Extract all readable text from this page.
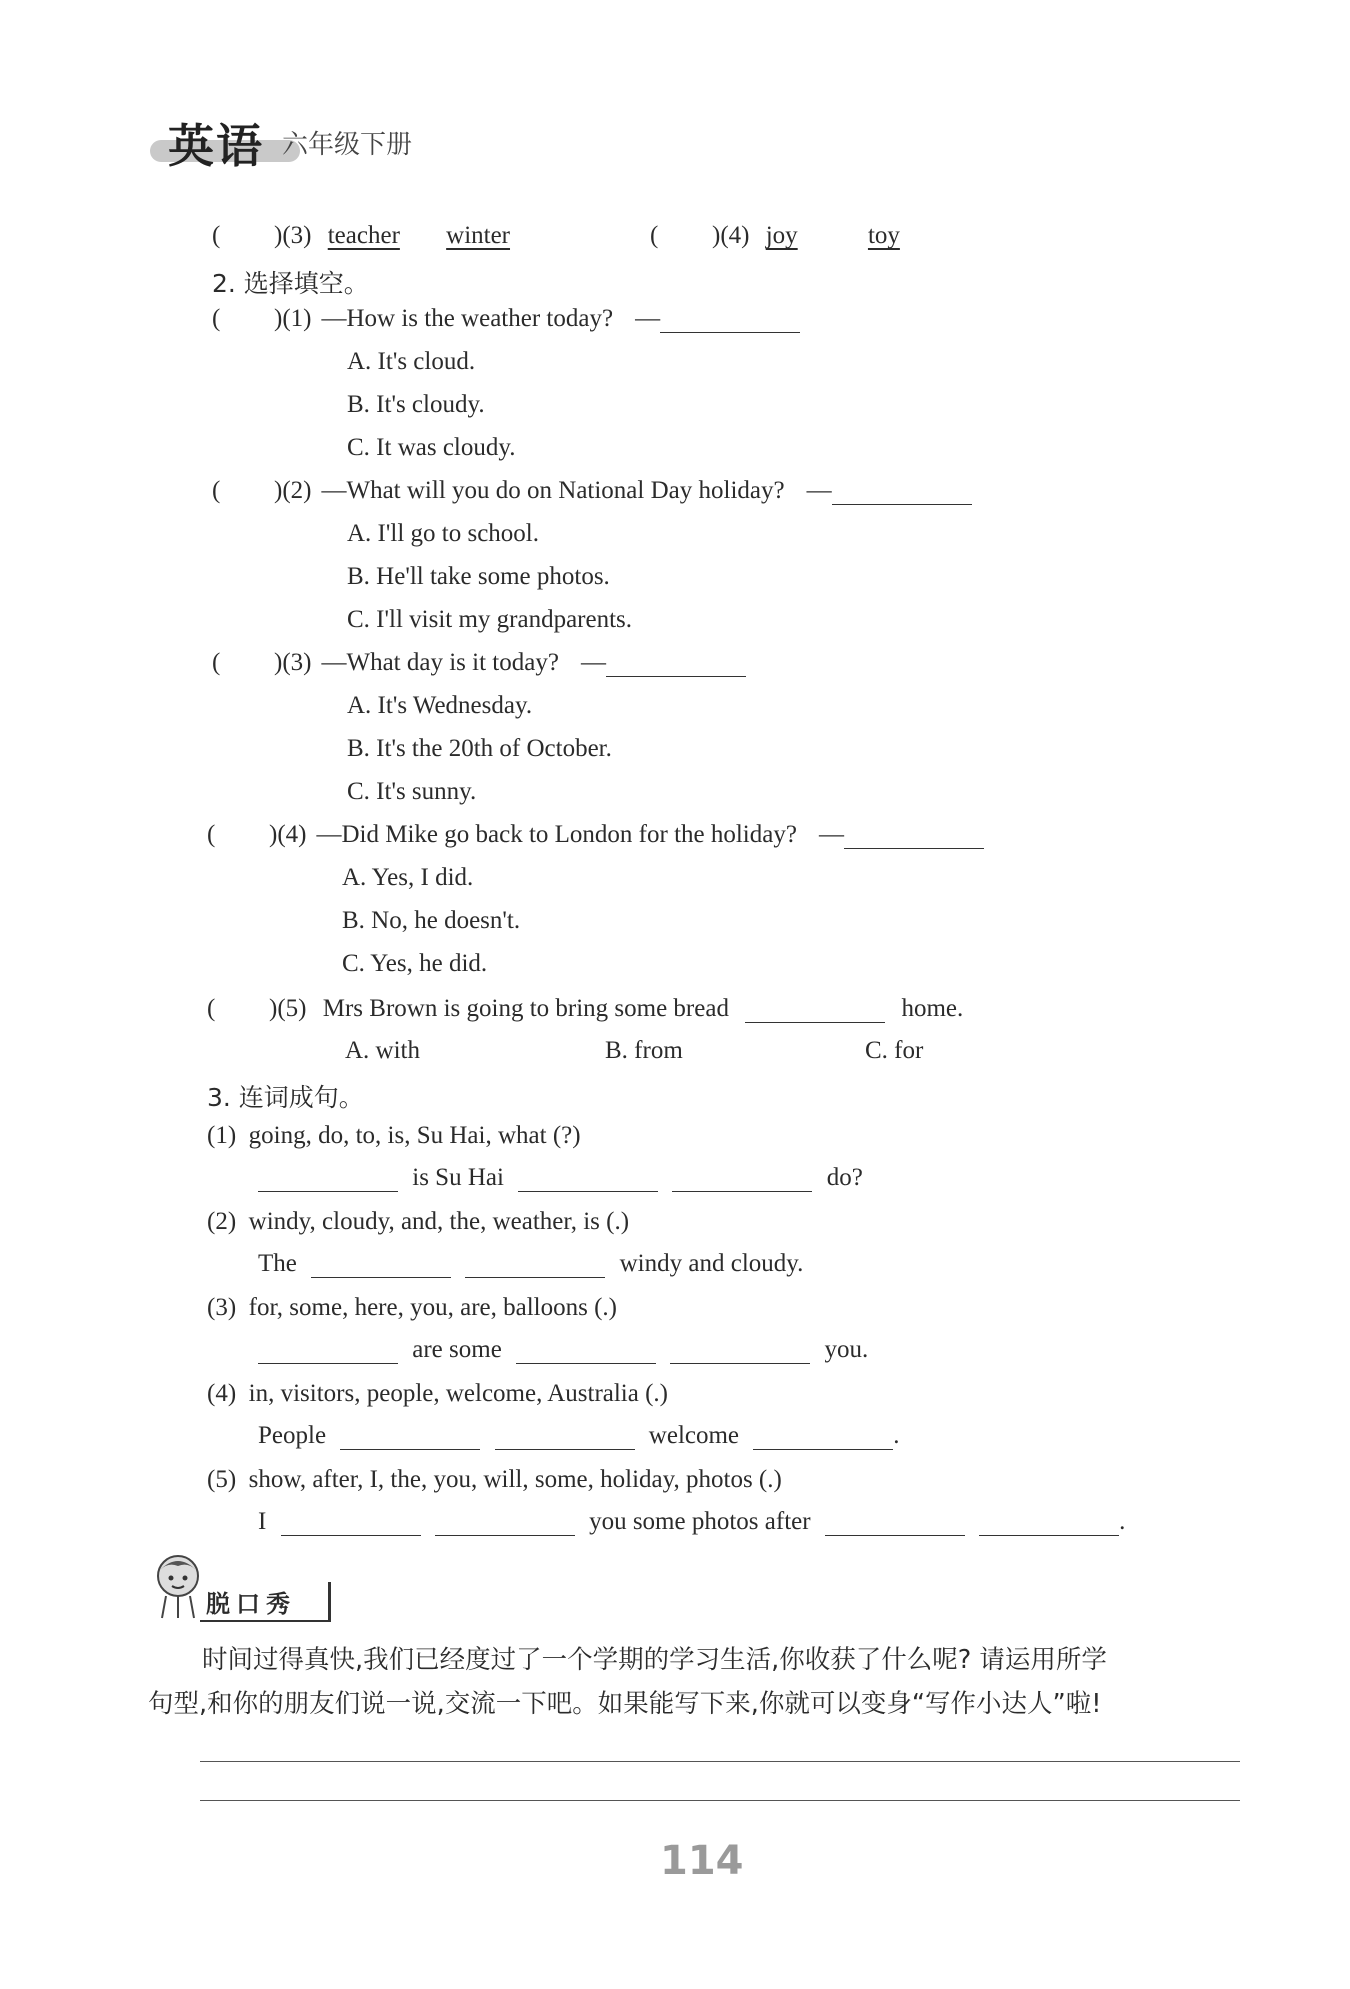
英语 六年级下册
( )(3) teacher winter	( )(4) joy	toy
2. 选择填空。
( )(1) —How is the weather today? —
A. It's cloud.
B. It's cloudy.
C. It was cloudy.
( )(2) —What will you do on National Day holiday? —
A. I'll go to school.
B. He'll take some photos.
C. I'll visit my grandparents.
( )(3) —What day is it today? —
A. It's Wednesday.
B. It's the 20th of October.
C. It's sunny.
( )(4) —Did Mike go back to London for the holiday? —
A. Yes, I did.
B. No, he doesn't.
C. Yes, he did.
( )(5) Mrs Brown is going to bring some bread	home.
A. with	B. from	C. for
3. 连词成句。
(1) going, do, to, is, Su Hai, what (?)
is Su Hai	do?
(2) windy, cloudy, and, the, weather, is (.)
The	windy and cloudy.
(3) for, some, here, you, are, balloons (.)
are some	you.
(4) in, visitors, people, welcome, Australia (.)
People	welcome	.
(5) show, after, I, the, you, will, some, holiday, photos (.)
I	you some photos after	.
脱口秀
时间过得真快,我们已经度过了一个学期的学习生活,你收获了什么呢? 请运用所学
句型,和你的朋友们说一说,交流一下吧。如果能写下来,你就可以变身“写作小达人”啦!
114
